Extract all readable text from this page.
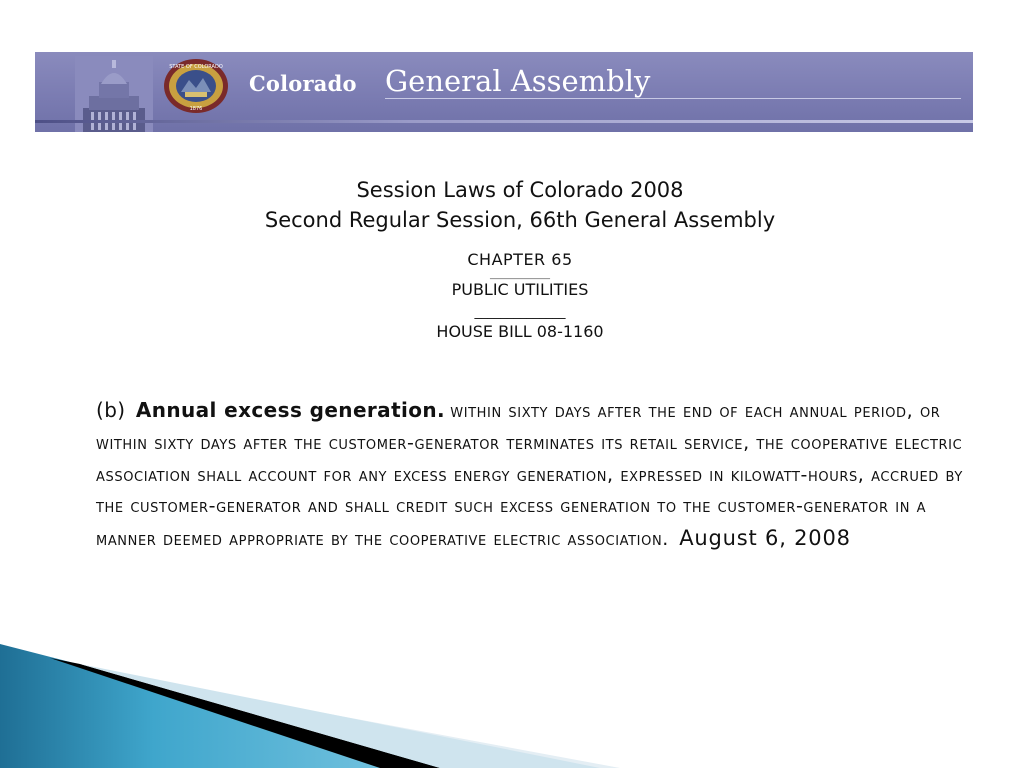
STATE OF COLORADO
1876
Colorado General Assembly
Session Laws of Colorado 2008
Second Regular Session, 66th General Assembly
CHAPTER 65
_______________
PUBLIC UTILITIES
______________
HOUSE BILL 08-1160
(b) Annual excess generation. within sixty days after the end of each annual period, or within sixty days after the customer-generator terminates its retail service, the cooperative electric association shall account for any excess energy generation, expressed in kilowatt-hours, accrued by the customer-generator and shall credit such excess generation to the customer-generator in a manner deemed appropriate by the cooperative electric association. August 6, 2008
